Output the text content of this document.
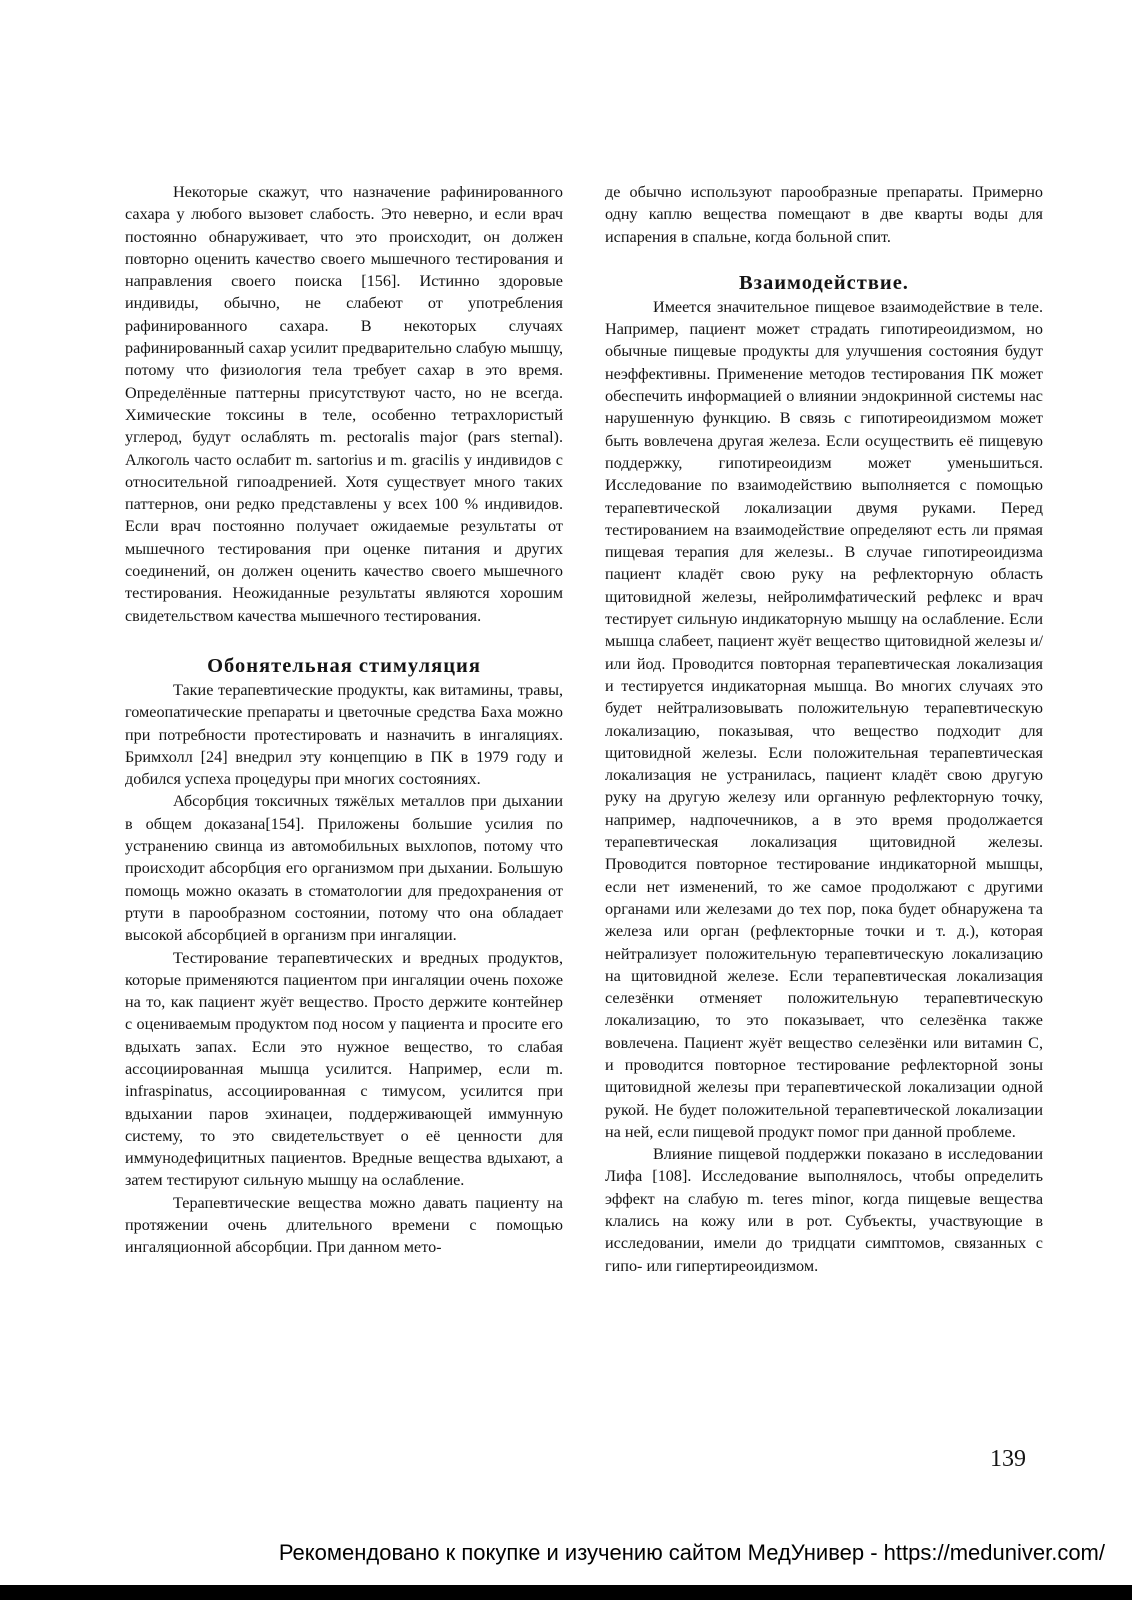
Некоторые скажут, что назначение рафинированного сахара у любого вызовет слабость. Это неверно, и если врач постоянно обнаруживает, что это происходит, он должен повторно оценить качество своего мышечного тестирования и направления своего поиска [156]. Истинно здоровые индивиды, обычно, не слабеют от употребления рафинированного сахара. В некоторых случаях рафинированный сахар усилит предварительно слабую мышцу, потому что физиология тела требует сахар в это время. Определённые паттерны присутствуют часто, но не всегда. Химические токсины в теле, особенно тетрахлористый углерод, будут ослаблять m. pectoralis major (pars sternal). Алкоголь часто ослабит m. sartorius и m. gracilis у индивидов с относительной гипоадренией. Хотя существует много таких паттернов, они редко представлены у всех 100 % индивидов. Если врач постоянно получает ожидаемые результаты от мышечного тестирования при оценке питания и других соединений, он должен оценить качество своего мышечного тестирования. Неожиданные результаты являются хорошим свидетельством качества мышечного тестирования.

Обонятельная стимуляция

Такие терапевтические продукты, как витамины, травы, гомеопатические препараты и цветочные средства Баха можно при потребности протестировать и назначить в ингаляциях. Бримхолл [24] внедрил эту концепцию в ПК в 1979 году и добился успеха процедуры при многих состояниях.

Абсорбция токсичных тяжёлых металлов при дыхании в общем доказана[154]. Приложены большие усилия по устранению свинца из автомобильных выхлопов, потому что происходит абсорбция его организмом при дыхании. Большую помощь можно оказать в стоматологии для предохранения от ртути в парообразном состоянии, потому что она обладает высокой абсорбцией в организм при ингаляции.

Тестирование терапевтических и вредных продуктов, которые применяются пациентом при ингаляции очень похоже на то, как пациент жуёт вещество. Просто держите контейнер с оцениваемым продуктом под носом у пациента и просите его вдыхать запах. Если это нужное вещество, то слабая ассоциированная мышца усилится. Например, если m. infraspinatus, ассоциированная с тимусом, усилится при вдыхании паров эхинацеи, поддерживающей иммунную систему, то это свидетельствует о её ценности для иммунодефицитных пациентов. Вредные вещества вдыхают, а затем тестируют сильную мышцу на ослабление.

Терапевтические вещества можно давать пациенту на протяжении очень длительного времени с помощью ингаляционной абсорбции. При данном мето-

де обычно используют парообразные препараты. Примерно одну каплю вещества помещают в две кварты воды для испарения в спальне, когда больной спит.

Взаимодействие.

Имеется значительное пищевое взаимодействие в теле. Например, пациент может страдать гипотиреоидизмом, но обычные пищевые продукты для улучшения состояния будут неэффективны. Применение методов тестирования ПК может обеспечить информацией о влиянии эндокринной системы нас нарушенную функцию. В связь с гипотиреоидизмом может быть вовлечена другая железа. Если осуществить её пищевую поддержку, гипотиреоидизм может уменьшиться. Исследование по взаимодействию выполняется с помощью терапевтической локализации двумя руками. Перед тестированием на взаимодействие определяют есть ли прямая пищевая терапия для железы.. В случае гипотиреоидизма пациент кладёт свою руку на рефлекторную область щитовидной железы, нейролимфатический рефлекс и врач тестирует сильную индикаторную мышцу на ослабление. Если мышца слабеет, пациент жуёт вещество щитовидной железы и/или йод. Проводится повторная терапевтическая локализация и тестируется индикаторная мышца. Во многих случаях это будет нейтрализовывать положительную терапевтическую локализацию, показывая, что вещество подходит для щитовидной железы. Если положительная терапевтическая локализация не устранилась, пациент кладёт свою другую руку на другую железу или органную рефлекторную точку, например, надпочечников, а в это время продолжается терапевтическая локализация щитовидной железы. Проводится повторное тестирование индикаторной мышцы, если нет изменений, то же самое продолжают с другими органами или железами до тех пор, пока будет обнаружена та железа или орган (рефлекторные точки и т. д.), которая нейтрализует положительную терапевтическую локализацию на щитовидной железе. Если терапевтическая локализация селезёнки отменяет положительную терапевтическую локализацию, то это показывает, что селезёнка также вовлечена. Пациент жуёт вещество селезёнки или витамин C, и проводится повторное тестирование рефлекторной зоны щитовидной железы при терапевтической локализации одной рукой. Не будет положительной терапевтической локализации на ней, если пищевой продукт помог при данной проблеме.

Влияние пищевой поддержки показано в исследовании Лифа [108]. Исследование выполнялось, чтобы определить эффект на слабую m. teres minor, когда пищевые вещества клались на кожу или в рот. Субъекты, участвующие в исследовании, имели до тридцати симптомов, связанных с гипо- или гипертиреоидизмом.

139
Рекомендовано к покупке и изучению сайтом МедУнивер - https://meduniver.com/
